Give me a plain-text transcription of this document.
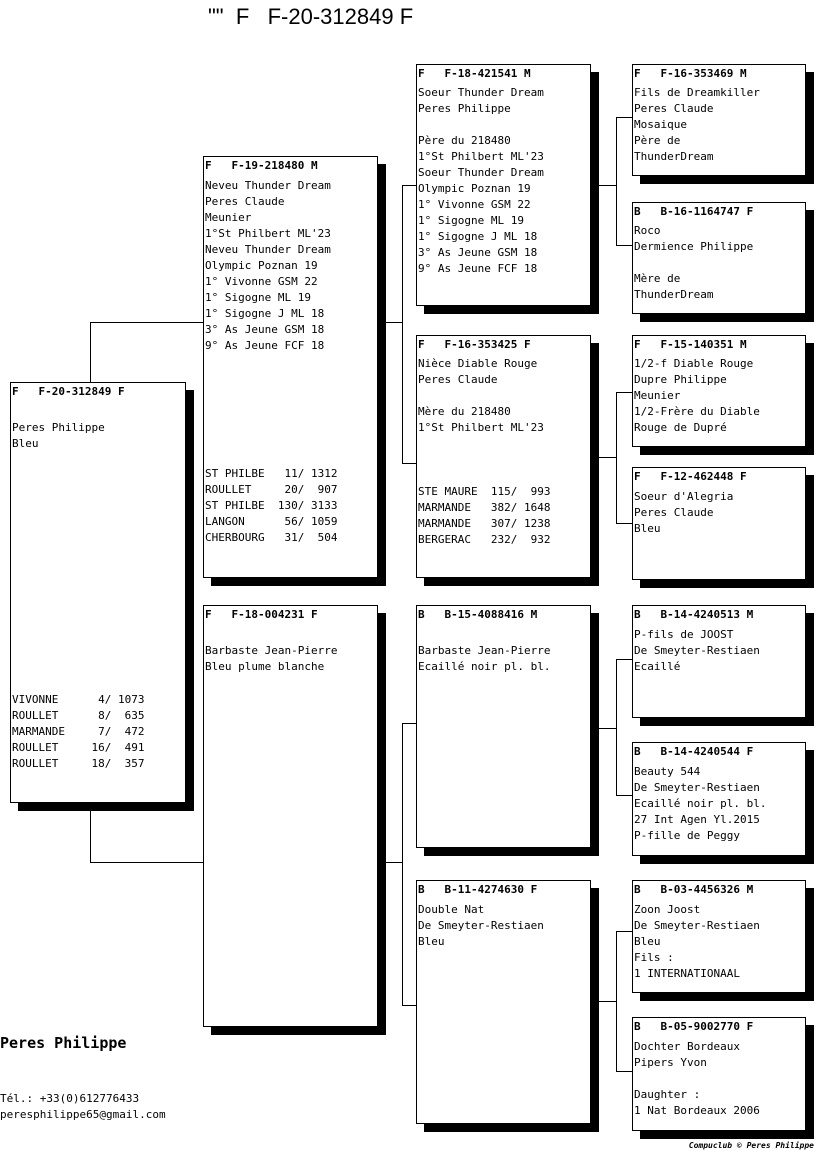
""  F   F-20-312849 F
F   F-20-312849 F
Peres Philippe
Bleu
VIVONNE      4/ 1073
ROULLET      8/  635
MARMANDE     7/  472
ROULLET     16/  491
ROULLET     18/  357
F   F-19-218480 M
Neveu Thunder Dream
Peres Claude
Meunier
1°St Philbert ML'23
Neveu Thunder Dream
Olympic Poznan 19
1° Vivonne GSM 22
1° Sigogne ML 19
1° Sigogne J ML 18
3° As Jeune GSM 18
9° As Jeune FCF 18
ST PHILBE   11/ 1312
ROULLET     20/  907
ST PHILBE  130/ 3133
LANGON      56/ 1059
CHERBOURG   31/  504
F   F-18-004231 F
Barbaste Jean-Pierre
Bleu plume blanche
F   F-18-421541 M
Soeur Thunder Dream
Peres Philippe
Père du 218480
1°St Philbert ML'23
Soeur Thunder Dream
Olympic Poznan 19
1° Vivonne GSM 22
1° Sigogne ML 19
1° Sigogne J ML 18
3° As Jeune GSM 18
9° As Jeune FCF 18
F   F-16-353425 F
Nièce Diable Rouge
Peres Claude
Mère du 218480
1°St Philbert ML'23
STE MAURE  115/  993
MARMANDE   382/ 1648
MARMANDE   307/ 1238
BERGERAC   232/  932
B   B-15-4088416 M
Barbaste Jean-Pierre
Ecaillé noir pl. bl.
B   B-11-4274630 F
Double Nat
De Smeyter-Restiaen
Bleu
F   F-16-353469 M
Fils de Dreamkiller
Peres Claude
Mosaique
Père de
ThunderDream
B   B-16-1164747 F
Roco
Dermience Philippe
Mère de
ThunderDream
F   F-15-140351 M
1/2-f Diable Rouge
Dupre Philippe
Meunier
1/2-Frère du Diable
Rouge de Dupré
F   F-12-462448 F
Soeur d'Alegria
Peres Claude
Bleu
B   B-14-4240513 M
P-fils de JOOST
De Smeyter-Restiaen
Ecaillé
B   B-14-4240544 F
Beauty 544
De Smeyter-Restiaen
Ecaillé noir pl. bl.
27 Int Agen Yl.2015
P-fille de Peggy
B   B-03-4456326 M
Zoon Joost
De Smeyter-Restiaen
Bleu
Fils :
1 INTERNATIONAAL
B   B-05-9002770 F
Dochter Bordeaux
Pipers Yvon
Daughter :
1 Nat Bordeaux 2006
Peres Philippe
Tél.: +33(0)612776433
peresphilippe65@gmail.com
Compuclub © Peres Philippe
